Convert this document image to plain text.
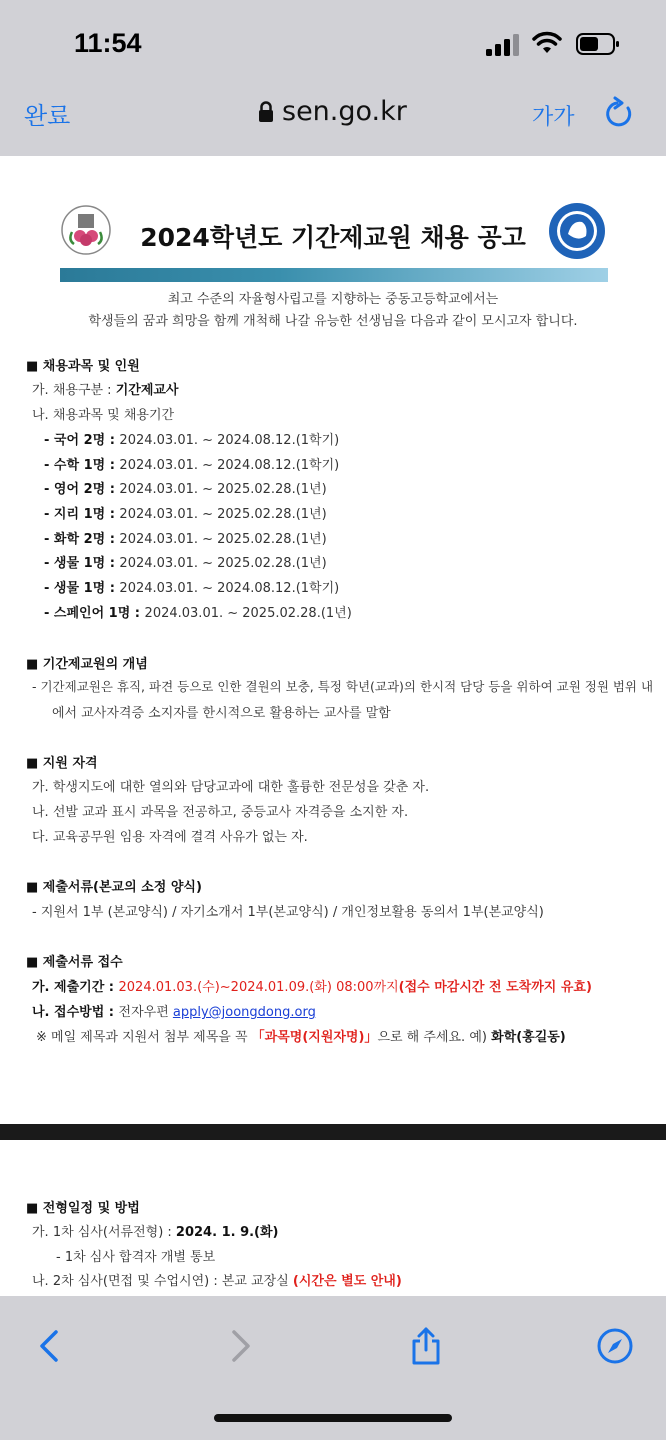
11:54
완료	sen.go.kr	가가
2024학년도 기간제교원 채용 공고
최고 수준의 자율형사립고를 지향하는 중동고등학교에서는
학생들의 꿈과 희망을 함께 개척해 나갈 유능한 선생님을 다음과 같이 모시고자 합니다.
■ 채용과목 및 인원
가. 채용구분 : 기간제교사
나. 채용과목 및 채용기간
- 국어 2명 : 2024.03.01. ~ 2024.08.12.(1학기)
- 수학 1명 : 2024.03.01. ~ 2024.08.12.(1학기)
- 영어 2명 : 2024.03.01. ~ 2025.02.28.(1년)
- 지리 1명 : 2024.03.01. ~ 2025.02.28.(1년)
- 화학 2명 : 2024.03.01. ~ 2025.02.28.(1년)
- 생물 1명 : 2024.03.01. ~ 2025.02.28.(1년)
- 생물 1명 : 2024.03.01. ~ 2024.08.12.(1학기)
- 스페인어 1명 : 2024.03.01. ~ 2025.02.28.(1년)
■ 기간제교원의 개념
- 기간제교원은 휴직, 파견 등으로 인한 결원의 보충, 특정 학년(교과)의 한시적 담당 등을 위하여 교원 정원 범위 내
에서 교사자격증 소지자를 한시적으로 활용하는 교사를 말함
■ 지원 자격
가. 학생지도에 대한 열의와 담당교과에 대한 훌륭한 전문성을 갖춘 자.
나. 선발 교과 표시 과목을 전공하고, 중등교사 자격증을 소지한 자.
다. 교육공무원 임용 자격에 결격 사유가 없는 자.
■ 제출서류(본교의 소정 양식)
- 지원서 1부 (본교양식) / 자기소개서 1부(본교양식) / 개인정보활용 동의서 1부(본교양식)
■ 제출서류 접수
가. 제출기간 : 2024.01.03.(수)~2024.01.09.(화) 08:00까지(접수 마감시간 전 도착까지 유효)
나. 접수방법 : 전자우편 apply@joongdong.org
※ 메일 제목과 지원서 첨부 제목을 꼭 「과목명(지원자명)」으로 해 주세요. 예) 화학(홍길동)
■ 전형일정 및 방법
가. 1차 심사(서류전형) : 2024. 1. 9.(화)
- 1차 심사 합격자 개별 통보
나. 2차 심사(면접 및 수업시연) : 본교 교장실 (시간은 별도 안내)
